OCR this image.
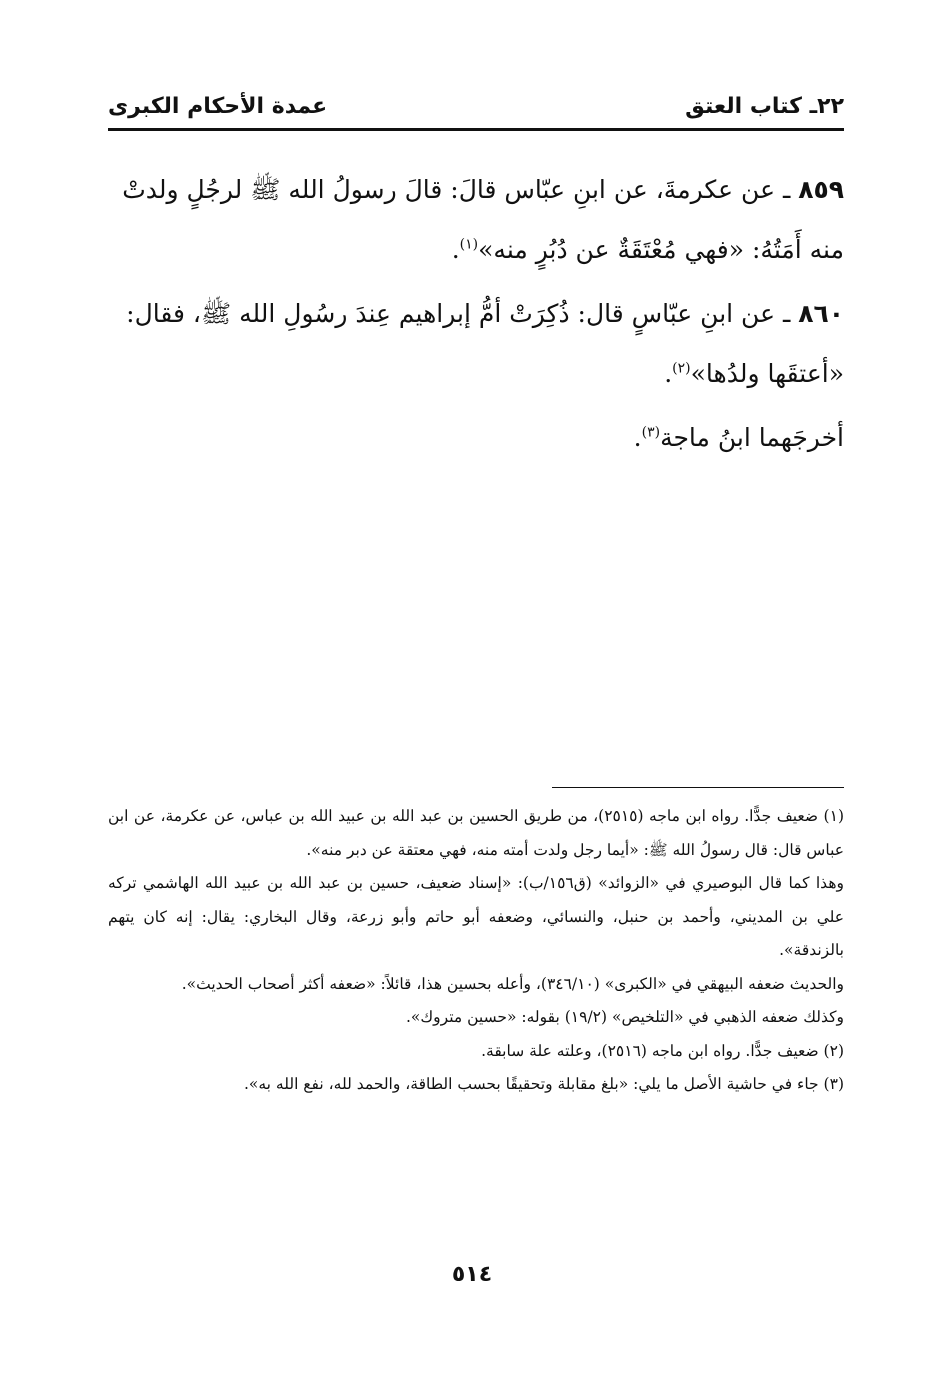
٢٢ـ كتاب العتق
عمدة الأحكام الكبرى

٨٥٩ ـ عن عكرمةَ، عن ابنِ عبّاس قالَ: قالَ رسولُ الله ﷺ لرجُلٍ ولدتْ منه أَمَتُهُ: «فهي مُعْتَقَةٌ عن دُبُرٍ منه»$^{(١)}$.

٨٦٠ ـ عن ابنِ عبّاسٍ قال: ذُكِرَتْ أمُّ إبراهيم عِندَ رسُولِ الله ﷺ، فقال: «أعتقَها ولدُها»$^{(٢)}$.

أخرجَهما ابنُ ماجة$^{(٣)}$.

(١) ضعيف جدًّا. رواه ابن ماجه (٢٥١٥)، من طريق الحسين بن عبد الله بن عبيد الله بن عباس، عن عكرمة، عن ابن عباس قال: قال رسولُ الله ﷺ: «أيما رجل ولدت أمته منه، فهي معتقة عن دبر منه».

وهذا كما قال البوصيري في «الزوائد» (ق١٥٦/ب): «إسناد ضعيف، حسين بن عبد الله بن عبيد الله الهاشمي تركه علي بن المديني، وأحمد بن حنبل، والنسائي، وضعفه أبو حاتم وأبو زرعة، وقال البخاري: يقال: إنه كان يتهم بالزندقة».

والحديث ضعفه البيهقي في «الكبرى» (٣٤٦/١٠)، وأعله بحسين هذا، قائلاً: «ضعفه أكثر أصحاب الحديث».

وكذلك ضعفه الذهبي في «التلخيص» (١٩/٢) بقوله: «حسين متروك».

(٢) ضعيف جدًّا. رواه ابن ماجه (٢٥١٦)، وعلته علة سابقة.

(٣) جاء في حاشية الأصل ما يلي: «بلغ مقابلة وتحقيقًا بحسب الطاقة، والحمد لله، نفع الله به».

٥١٤
